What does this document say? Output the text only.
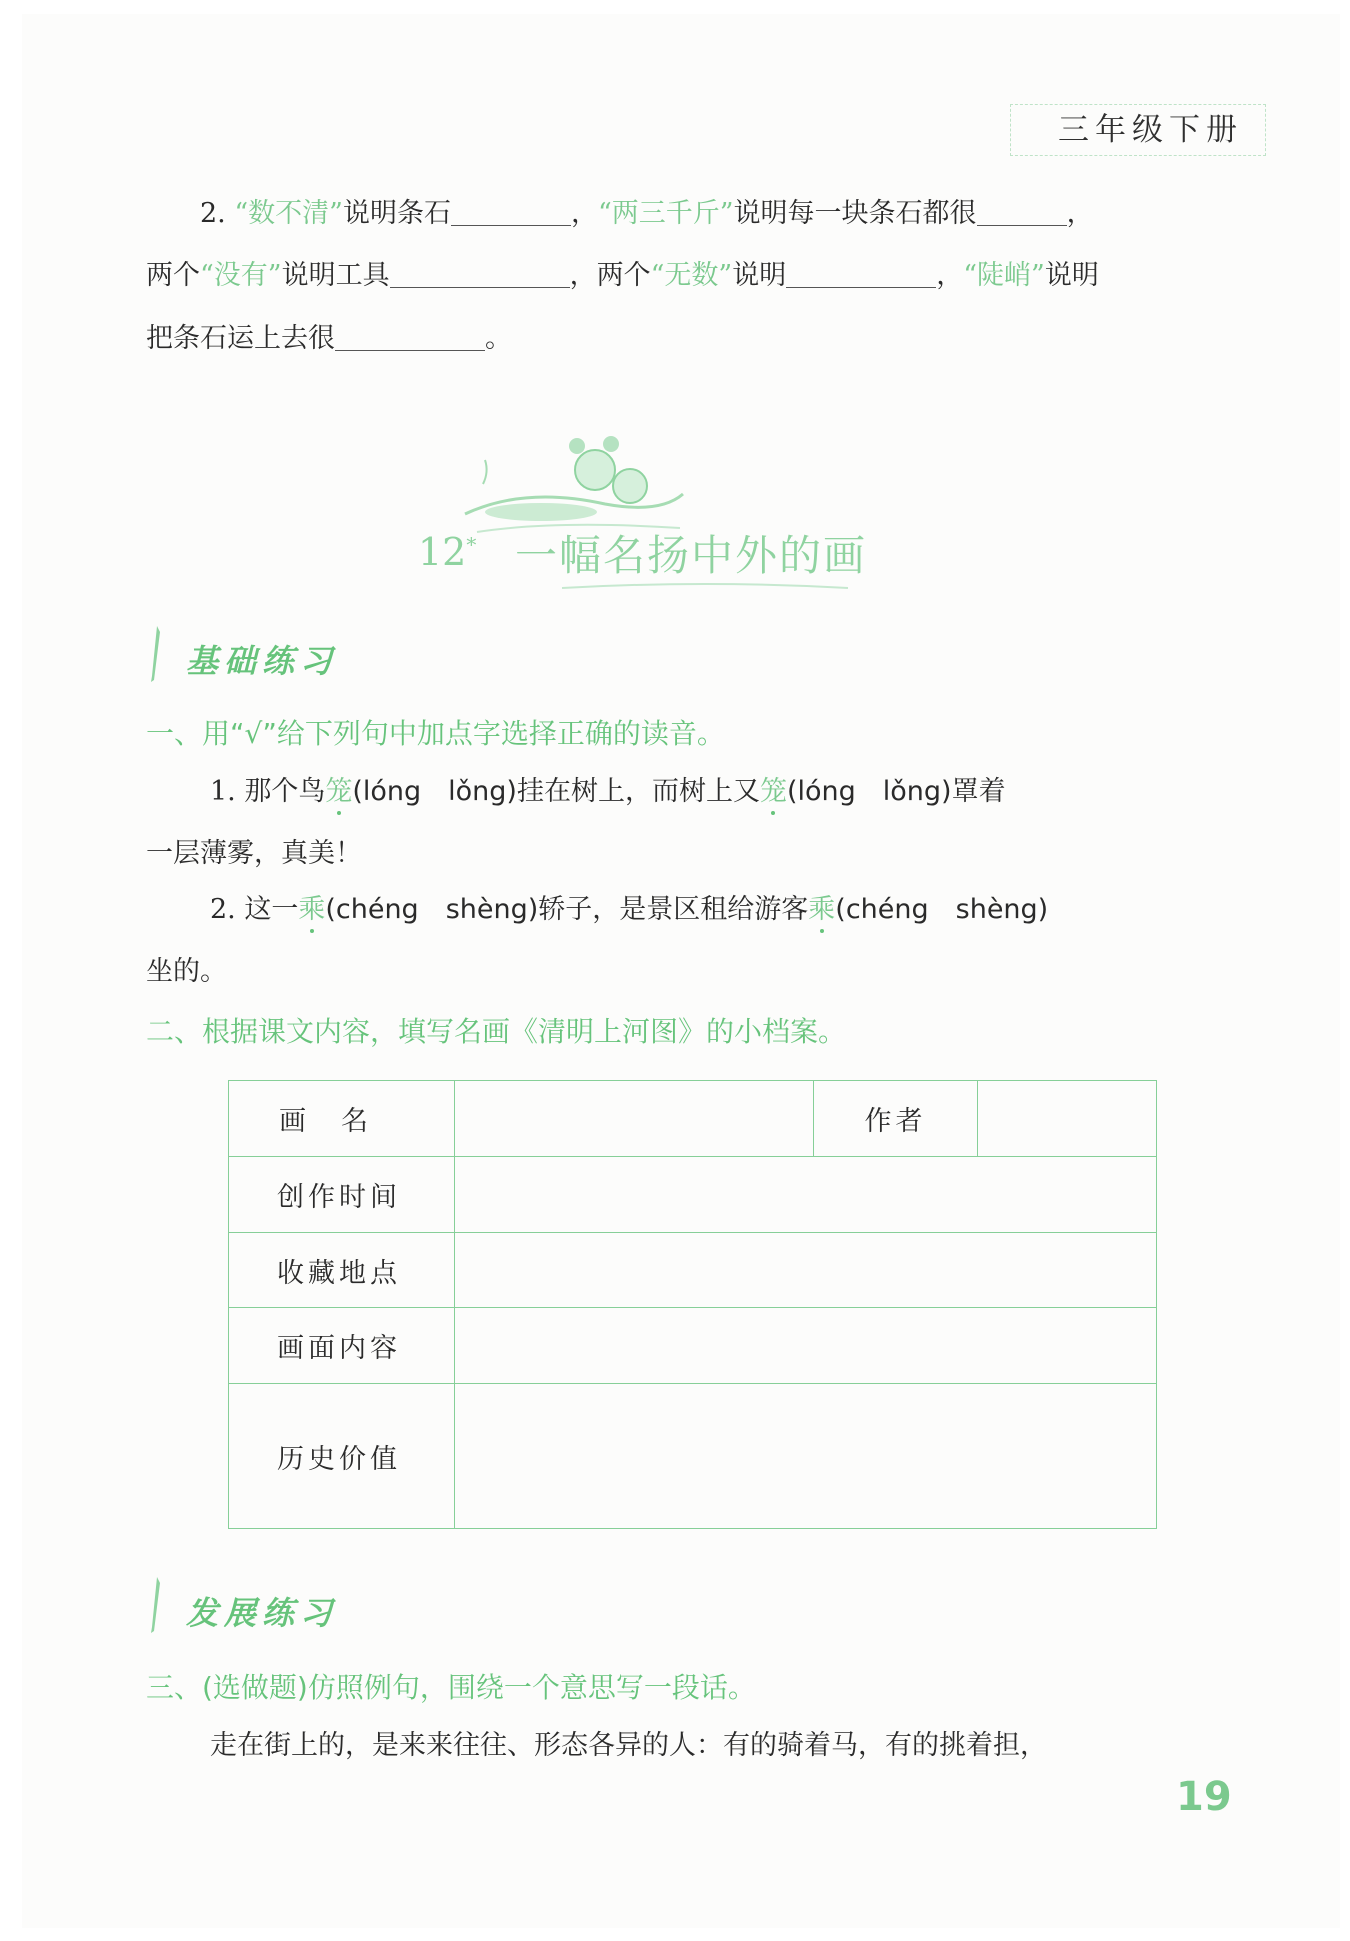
三年级下册
2. “数不清”说明条石	，“两三千斤”说明每一块条石都很	，
两个“没有”说明工具	，两个“无数”说明	，“陡峭”说明
把条石运上去很	。
12* 一幅名扬中外的画
基础练习
一、用“√”给下列句中加点字选择正确的读音。
1. 那个鸟笼(lóng　lǒng)挂在树上，而树上又笼(lóng　lǒng)罩着
一层薄雾，真美！
2. 这一乘(chéng　shèng)轿子，是景区租给游客乘(chéng　shèng)
坐的。
二、根据课文内容，填写名画《清明上河图》的小档案。
画　名		作者	
创作时间			
收藏地点			
画面内容			
历史价值			
发展练习
三、(选做题)仿照例句，围绕一个意思写一段话。
走在街上的，是来来往往、形态各异的人：有的骑着马，有的挑着担，
19
